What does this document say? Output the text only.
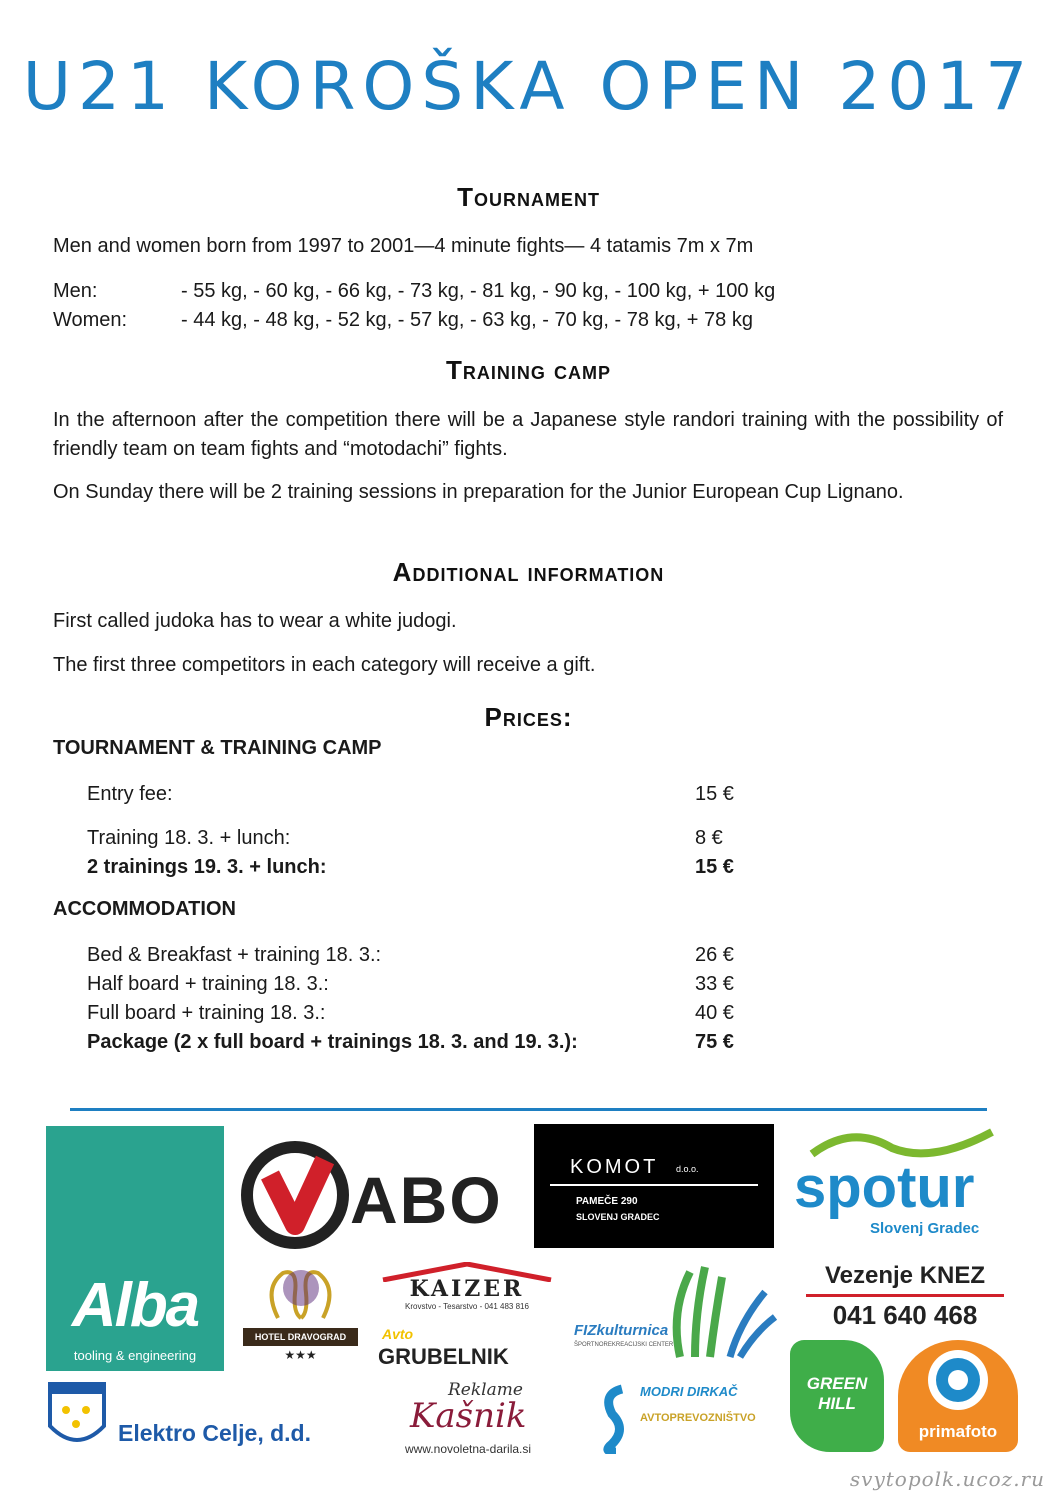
U21 KOROŠKA OPEN 2017
Tournament
Men and women born from 1997 to 2001—4 minute fights— 4 tatamis 7m x 7m
Men:	- 55 kg, - 60 kg, - 66 kg, - 73 kg, - 81 kg, - 90 kg, - 100 kg, + 100 kg
Women:	- 44 kg, - 48 kg, - 52 kg, - 57 kg, - 63 kg, - 70 kg, - 78 kg, + 78 kg
Training camp
In the afternoon after the competition there will be a Japanese style randori training with the possibility of friendly team on team fights and “motodachi” fights.
On Sunday there will be 2 training sessions in preparation for the Junior European Cup Lignano.
Additional information
First called judoka has to wear a white judogi.
The first three competitors in each category will receive a gift.
Prices:
TOURNAMENT & TRAINING CAMP
Entry fee:	15 €
Training 18. 3. + lunch:	8 €
2 trainings 19. 3. + lunch:	15 €
ACCOMMODATION
Bed & Breakfast + training 18. 3.:	26 €
Half board + training 18. 3.:	33 €
Full board + training 18. 3.:	40 €
Package (2 x full board + trainings 18. 3. and 19. 3.):	75 €
Alba
tooling & engineering
ABO	KOMOT d.o.o.
PAMEČE 290
SLOVENJ GRADEC spotur
Slovenj Gradec
HOTEL DRAVOGRAD
★★★
KAIZER
Krovstvo - Tesarstvo - 041 483 816
Avto
GRUBELNIK
FIZkulturnica
ŠPORTNOREKREACIJSKI CENTER
Vezenje KNEZ
041 640 468
Elektro Celje, d.d.
Reklame
Kašnik
www.novoletna-darila.si
MODRI DIRKAČ
AVTOPREVOZNIŠTVO
GREEN
HILL
primafoto
svytopolk.ucoz.ru
